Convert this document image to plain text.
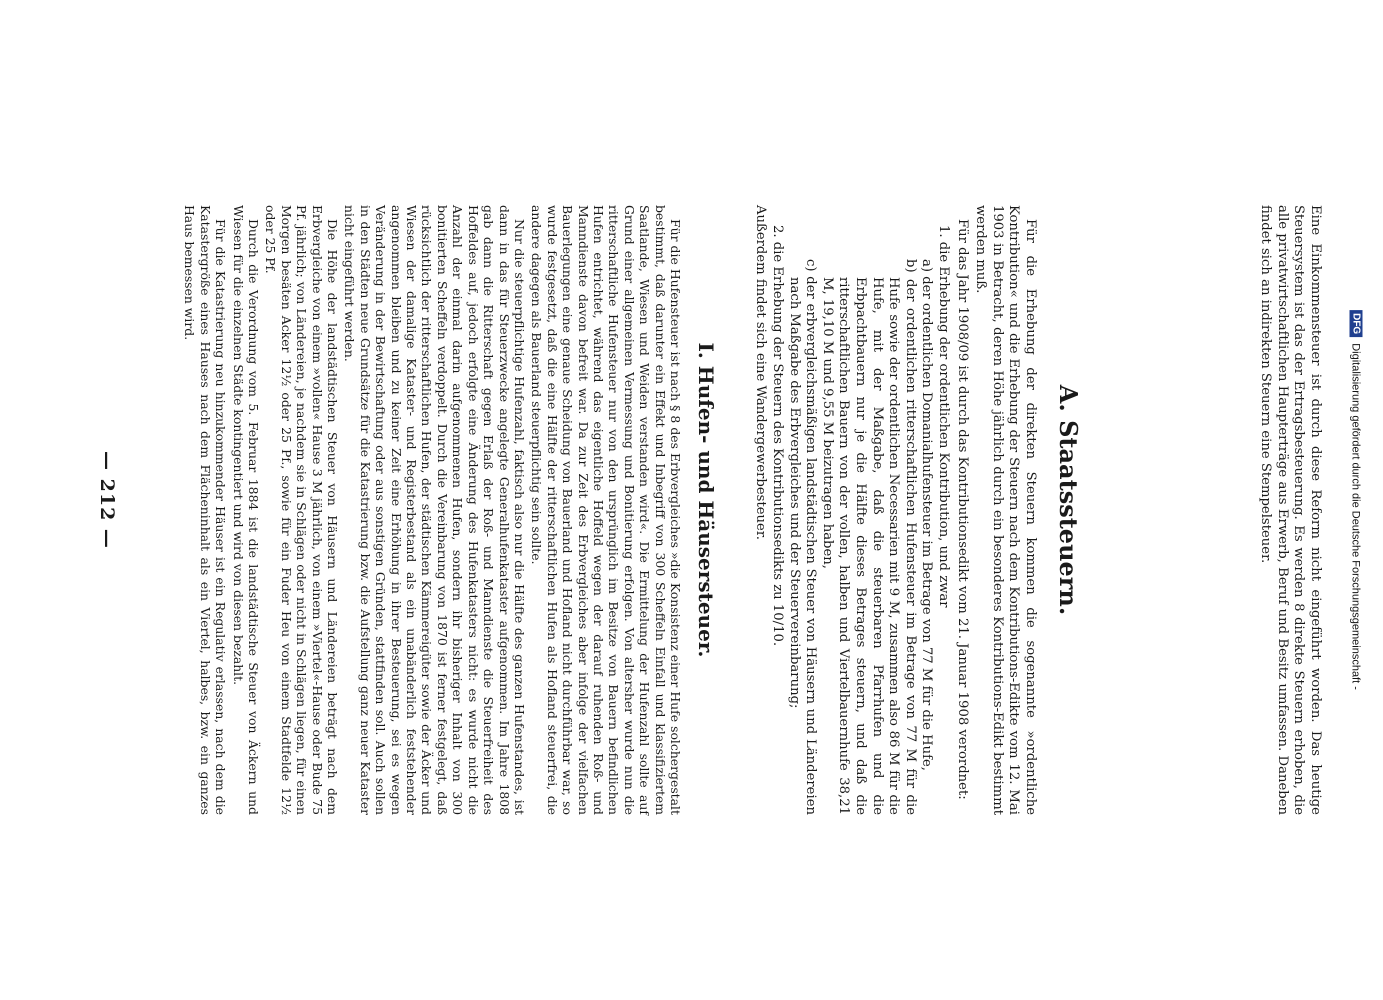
— 212 —	Eine Einkommensteuer ist durch diese Reform nicht eingeführt worden. Das heutige Steuersystem ist das der Ertragsbesteuerung. Es werden 8 direkte Steuern erhoben, die alle privatwirtschaftlichen Haupterträge aus Erwerb, Beruf und Besitz umfassen. Daneben findet sich an indirekten Steuern eine Stempelsteuer.

A. Staatssteuern.

Für die Erhebung der direkten Steuern kommen die sogenannte »ordentliche Kontribution« und die Erhebung der Steuern nach dem Kontributions-Edikte vom 12. Mai 1903 in Betracht, deren Höhe jährlich durch ein besonderes Kontributions-Edikt bestimmt werden muß.

Für das Jahr 1908/09 ist durch das Kontributionsedikt vom 21. Januar 1908 verordnet:

1. die Erhebung der ordentlichen Kontribution, und zwar
a) der ordentlichen Domanialhufensteuer im Betrage von 77 M für die Hufe,
b) der ordentlichen ritterschaftlichen Hufensteuer im Betrage von 77 M für die Hufe sowie der ordentlichen Necessarien mit 9 M, zusammen also 86 M für die Hufe, mit der Maßgabe, daß die steuerbaren Pfarrhufen und die Erbpachtbauern nur je die Hälfte dieses Betrages steuern, und daß die ritterschaftlichen Bauern von der vollen, halben und Viertelbauernhufe 38,21 M, 19,10 M und 9,55 M beizutragen haben,
c) der erbvergleichsmäßigen landstädtischen Steuer von Häusern und Ländereien nach Maßgabe des Erbvergleiches und der Steuervereinbarung;
2. die Erhebung der Steuern des Kontributionsedikts zu 10/10.

Außerdem findet sich eine Wandergewerbesteuer.

I. Hufen- und Häusersteuer.

Für die Hufensteuer ist nach § 8 des Erbvergleiches »die Konsistenz einer Hufe solchergestalt bestimmt, daß darunter ein Effekt und Inbegriff von 300 Scheffeln Einfall und klassifiziertem Saatlande, Wiesen und Weiden verstanden wird«. Die Ermittelung der Hufenzahl sollte auf Grund einer allgemeinen Vermessung und Bonitierung erfolgen. Von altersher wurde nun die ritterschaftliche Hufensteuer nur von den ursprünglich im Besitze von Bauern befindlichen Hufen entrichtet, während das eigentliche Hoffeld wegen der darauf ruhenden Roß- und Manndienste davon befreit war. Da zur Zeit des Erbvergleiches aber infolge der vielfachen Bauerlegungen eine genaue Scheidung von Bauerland und Hofland nicht durchführbar war, so wurde festgesetzt, daß die eine Hälfte der ritterschaftlichen Hufen als Hofland steuerfrei, die andere dagegen als Bauerland steuerpflichtig sein sollte.

Nur die steuerpflichtige Hufenzahl, faktisch also nur die Hälfte des ganzen Hufenstandes, ist dann in das für Steuerzwecke angelegte Generalhufenkataster aufgenommen. Im Jahre 1808 gab dann die Ritterschaft gegen Erlaß der Roß- und Manndienste die Steuerfreiheit des Hoffeldes auf, jedoch erfolgte eine Änderung des Hufenkatasters nicht: es wurde nicht die Anzahl der einmal darin aufgenommenen Hufen, sondern ihr bisheriger Inhalt von 300 bonitierten Scheffeln verdoppelt. Durch die Vereinbarung von 1870 ist ferner festgelegt, daß rücksichtlich der ritterschaftlichen Hufen, der städtischen Kämmereigüter sowie der Äcker und Wiesen der damalige Kataster- und Registerbestand als ein unabänderlich feststehender angenommen bleiben und zu keiner Zeit eine Erhöhung in ihrer Besteuerung, sei es wegen Veränderung in der Bewirtschaftung oder aus sonstigen Gründen, stattfinden soll. Auch sollen in den Städten neue Grundsätze für die Katastrierung bzw. die Aufstellung ganz neuer Kataster nicht eingeführt werden.

Die Höhe der landstädtischen Steuer von Häusern und Ländereien beträgt nach dem Erbvergleiche von einem »vollen« Hause 3 M jährlich, von einem »Viertel«-Hause oder Bude 75 Pf. jährlich; von Ländereien, je nachdem sie in Schlägen oder nicht in Schlägen liegen, für einen Morgen besäten Acker 12½ oder 25 Pf., sowie für ein Fuder Heu von einem Stadtfelde 12½ oder 25 Pf.

Durch die Verordnung vom 5. Februar 1884 ist die landstädtische Steuer von Äckern und Wiesen für die einzelnen Städte kontingentiert und wird von diesen bezahlt.

Für die Katastrierung neu hinzukommender Häuser ist ein Regulativ erlassen, nach dem die Katastergröße eines Hauses nach dem Flächeninhalt als ein Viertel, halbes, bzw. ein ganzes Haus bemessen wird.	DFG
Digitalisierung gefördert durch die Deutsche Forschungsgemeinschaft -
